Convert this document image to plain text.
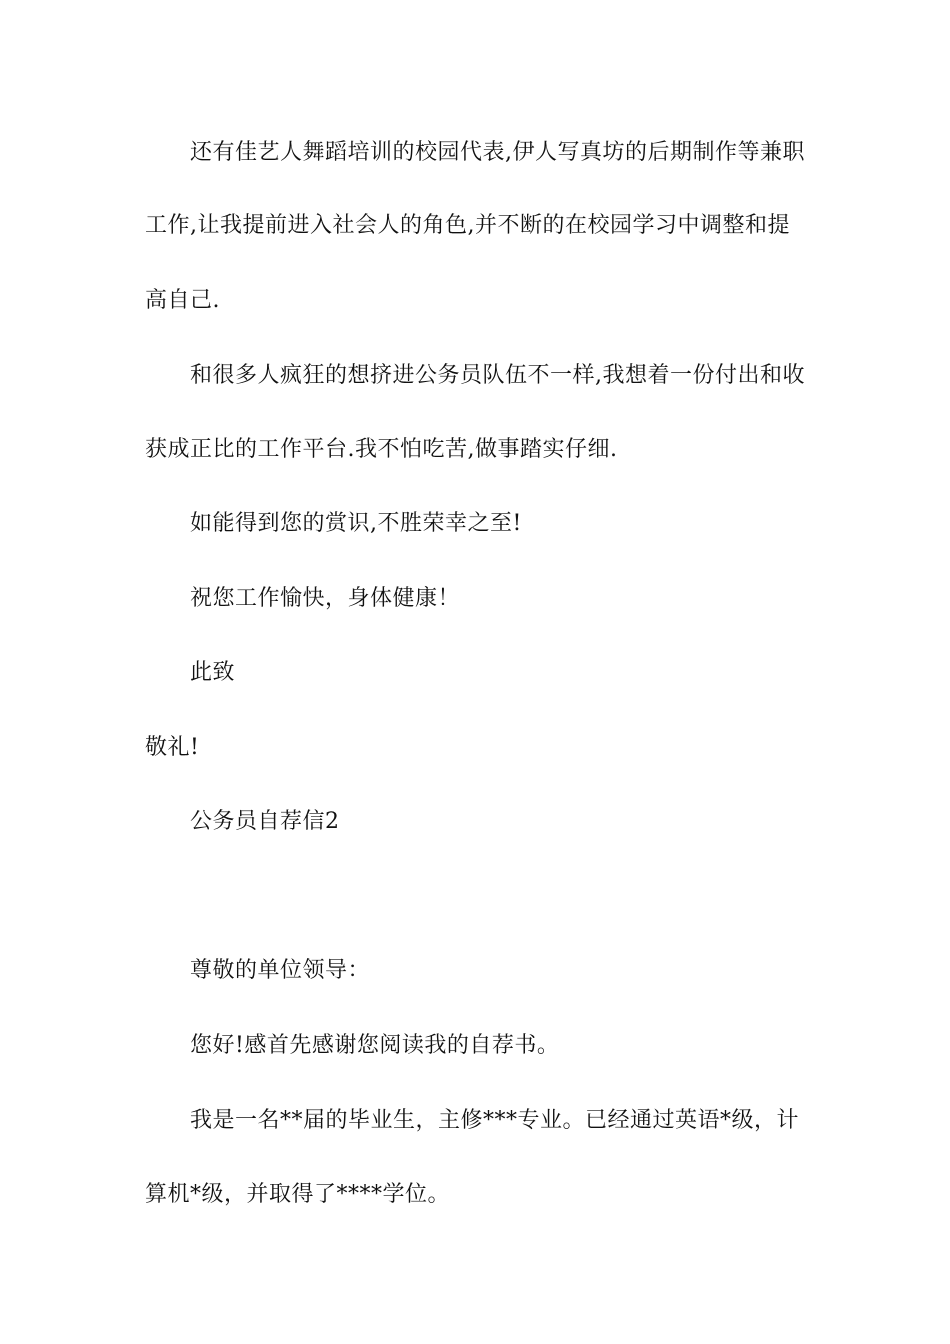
还有佳艺人舞蹈培训的校园代表,伊人写真坊的后期制作等兼职
工作,让我提前进入社会人的角色,并不断的在校园学习中调整和提
高自己.
和很多人疯狂的想挤进公务员队伍不一样,我想着一份付出和收
获成正比的工作平台.我不怕吃苦,做事踏实仔细.
如能得到您的赏识,不胜荣幸之至!
祝您工作愉快，身体健康！
此致
敬礼!
公务员自荐信2
尊敬的单位领导：
您好!感首先感谢您阅读我的自荐书。
我是一名**届的毕业生，主修***专业。已经通过英语*级，计
算机*级，并取得了****学位。
